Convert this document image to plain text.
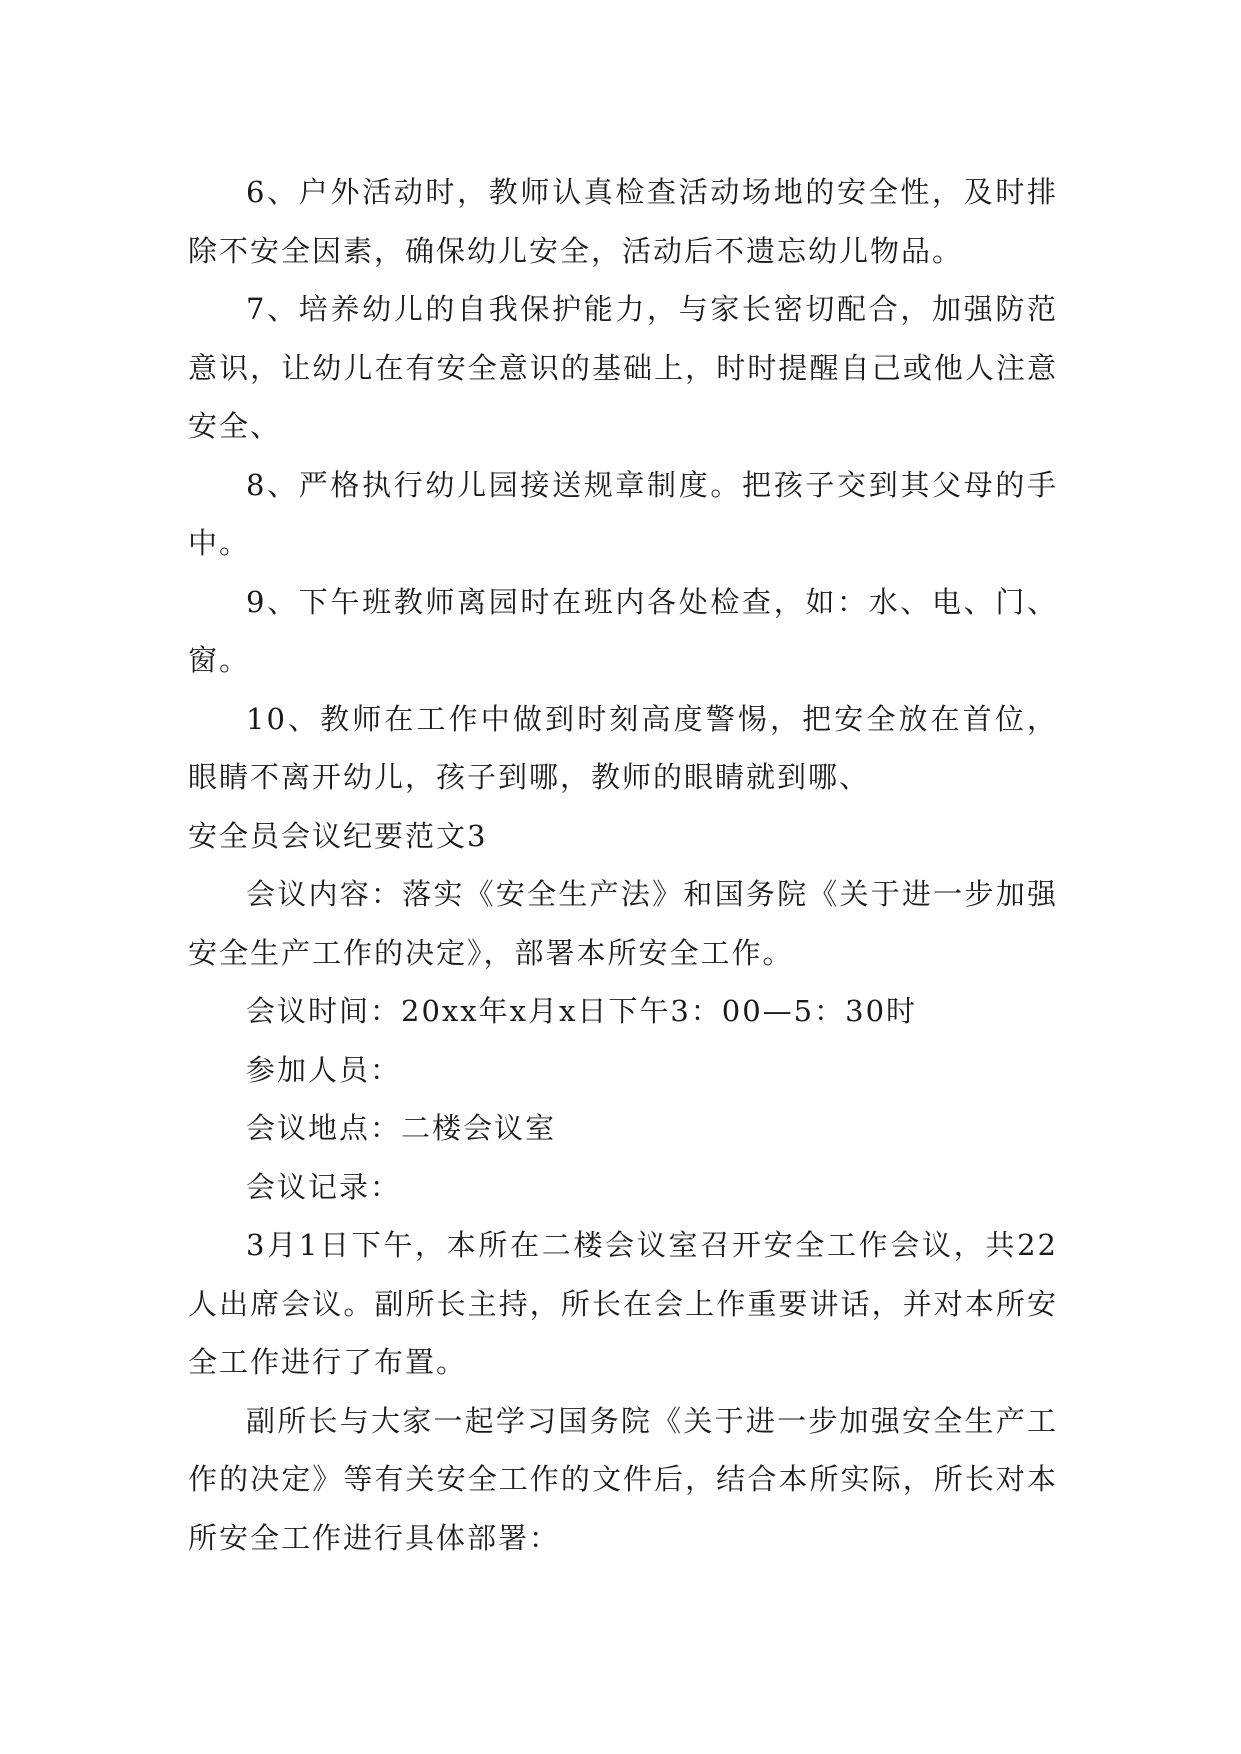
6、户外活动时，教师认真检查活动场地的安全性，及时排除不安全因素，确保幼儿安全，活动后不遗忘幼儿物品。

7、培养幼儿的自我保护能力，与家长密切配合，加强防范意识，让幼儿在有安全意识的基础上，时时提醒自己或他人注意安全、

8、严格执行幼儿园接送规章制度。把孩子交到其父母的手中。

9、下午班教师离园时在班内各处检查，如：水、电、门、窗。

10、教师在工作中做到时刻高度警惕，把安全放在首位，眼睛不离开幼儿，孩子到哪，教师的眼睛就到哪、

安全员会议纪要范文3

会议内容：落实《安全生产法》和国务院《关于进一步加强安全生产工作的决定》，部署本所安全工作。

会议时间：20xx年x月x日下午3：00—5：30时

参加人员：

会议地点：二楼会议室

会议记录：

3月1日下午，本所在二楼会议室召开安全工作会议，共22人出席会议。副所长主持，所长在会上作重要讲话，并对本所安全工作进行了布置。

副所长与大家一起学习国务院《关于进一步加强安全生产工作的决定》等有关安全工作的文件后，结合本所实际，所长对本所安全工作进行具体部署：
